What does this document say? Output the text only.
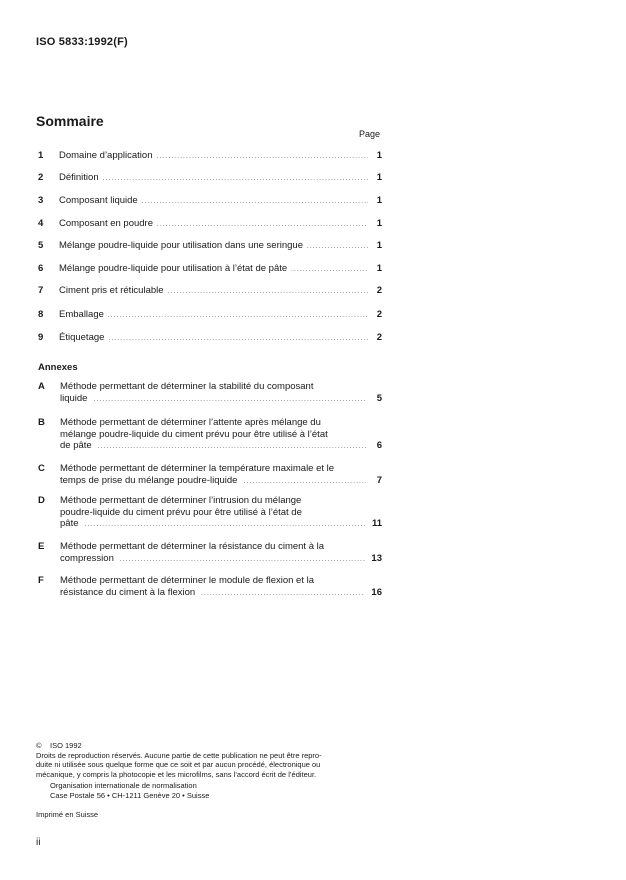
ISO 5833:1992(F)
Sommaire
Page
1	Domaine d’application .....	1
2	Définition .....	1
3	Composant liquide .....	1
4	Composant en poudre .....	1
5	Mélange poudre-liquide pour utilisation dans une seringue .....	1
6	Mélange poudre-liquide pour utilisation à l’état de pâte .....	1
7	Ciment pris et réticulable .....	2
8	Emballage .....	2
9	Étiquetage .....	2
Annexes
A Méthode permettant de déterminer la stabilité du composant
liquide .....	5
B Méthode permettant de déterminer l’attente après mélange du
mélange poudre-liquide du ciment prévu pour être utilisé à l’état
de pâte .....	6
C Méthode permettant de déterminer la température maximale et le
temps de prise du mélange poudre-liquide .....	7
D Méthode permettant de déterminer l’intrusion du mélange
poudre-liquide du ciment prévu pour être utilisé à l’état de
pâte .....	11
E Méthode permettant de déterminer la résistance du ciment à la
compression .....	13
F Méthode permettant de déterminer le module de flexion et la
résistance du ciment à la flexion .....	16
© ISO 1992
Droits de reproduction réservés. Aucune partie de cette publication ne peut être repro-
duite ni utilisée sous quelque forme que ce soit et par aucun procédé, électronique ou
mécanique, y compris la photocopie et les microfilms, sans l’accord écrit de l’éditeur.
Organisation internationale de normalisation
Case Postale 56 • CH-1211 Genève 20 • Suisse
Imprimé en Suisse
ii
